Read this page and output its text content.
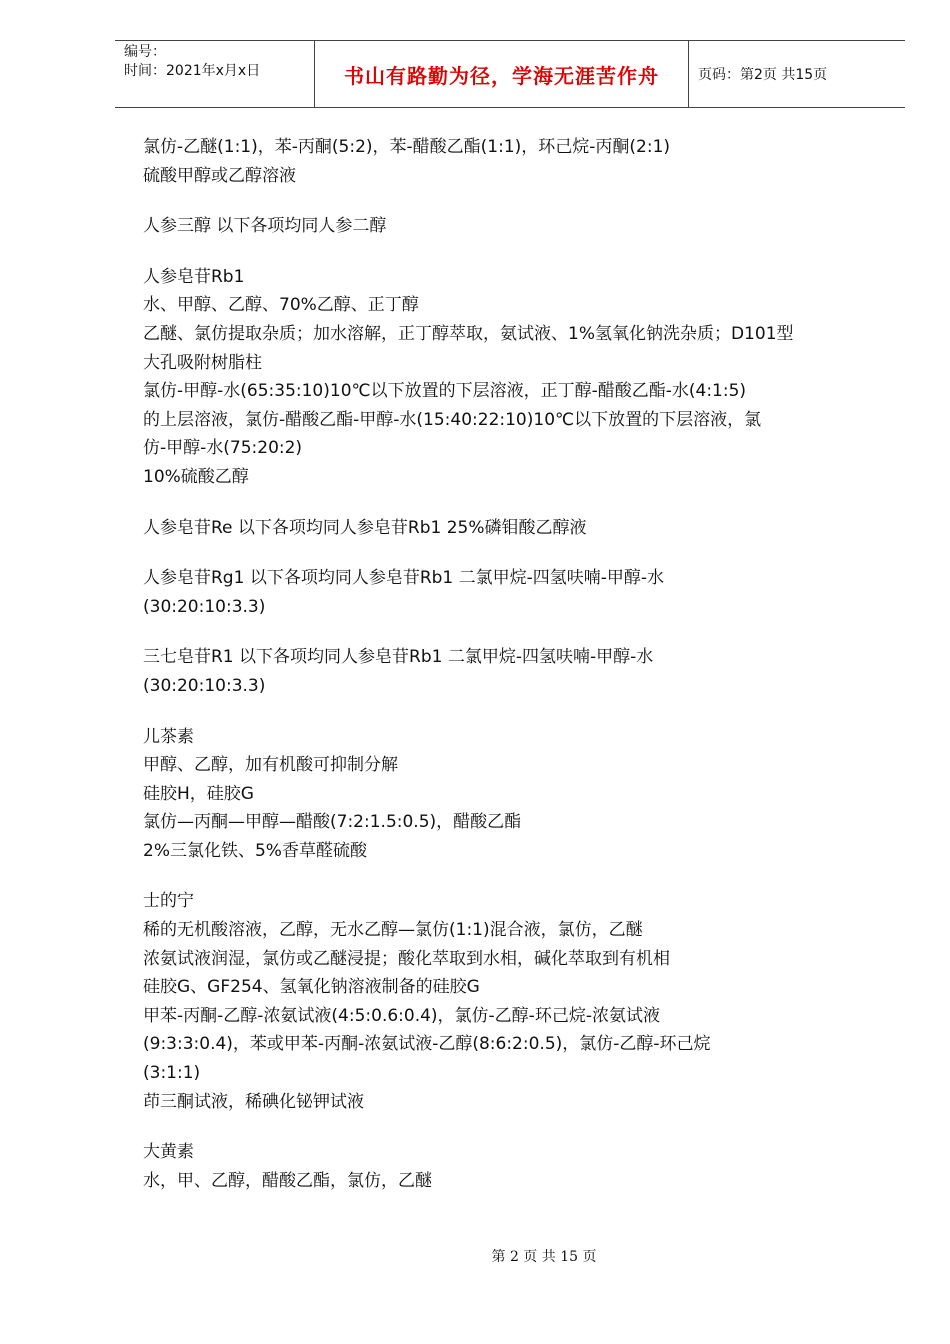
编号：
时间：2021年x月x日	书山有路勤为径，学海无涯苦作舟	页码：第2页 共15页
氯仿-乙醚(1:1)，苯-丙酮(5:2)，苯-醋酸乙酯(1:1)，环己烷-丙酮(2:1)
硫酸甲醇或乙醇溶液
人参三醇 以下各项均同人参二醇
人参皂苷Rb1
水、甲醇、乙醇、70%乙醇、正丁醇
乙醚、氯仿提取杂质；加水溶解，正丁醇萃取，氨试液、1%氢氧化钠洗杂质；D101型
大孔吸附树脂柱
氯仿-甲醇-水(65:35:10)10℃以下放置的下层溶液，正丁醇-醋酸乙酯-水(4:1:5)
的上层溶液，氯仿-醋酸乙酯-甲醇-水(15:40:22:10)10℃以下放置的下层溶液，氯
仿-甲醇-水(75:20:2)
10%硫酸乙醇
人参皂苷Re 以下各项均同人参皂苷Rb1 25%磷钼酸乙醇液
人参皂苷Rg1 以下各项均同人参皂苷Rb1 二氯甲烷-四氢呋喃-甲醇-水
(30:20:10:3.3)
三七皂苷R1 以下各项均同人参皂苷Rb1 二氯甲烷-四氢呋喃-甲醇-水
(30:20:10:3.3)
儿茶素
甲醇、乙醇，加有机酸可抑制分解
硅胶H，硅胶G
氯仿—丙酮—甲醇—醋酸(7:2:1.5:0.5)，醋酸乙酯
2%三氯化铁、5%香草醛硫酸
士的宁
稀的无机酸溶液，乙醇，无水乙醇—氯仿(1:1)混合液，氯仿，乙醚
浓氨试液润湿，氯仿或乙醚浸提；酸化萃取到水相，碱化萃取到有机相
硅胶G、GF254、氢氧化钠溶液制备的硅胶G
甲苯-丙酮-乙醇-浓氨试液(4:5:0.6:0.4)，氯仿-乙醇-环己烷-浓氨试液
(9:3:3:0.4)，苯或甲苯-丙酮-浓氨试液-乙醇(8:6:2:0.5)，氯仿-乙醇-环己烷
(3:1:1)
茚三酮试液，稀碘化铋钾试液
大黄素
水，甲、乙醇，醋酸乙酯，氯仿，乙醚
第 2 页 共 15 页
